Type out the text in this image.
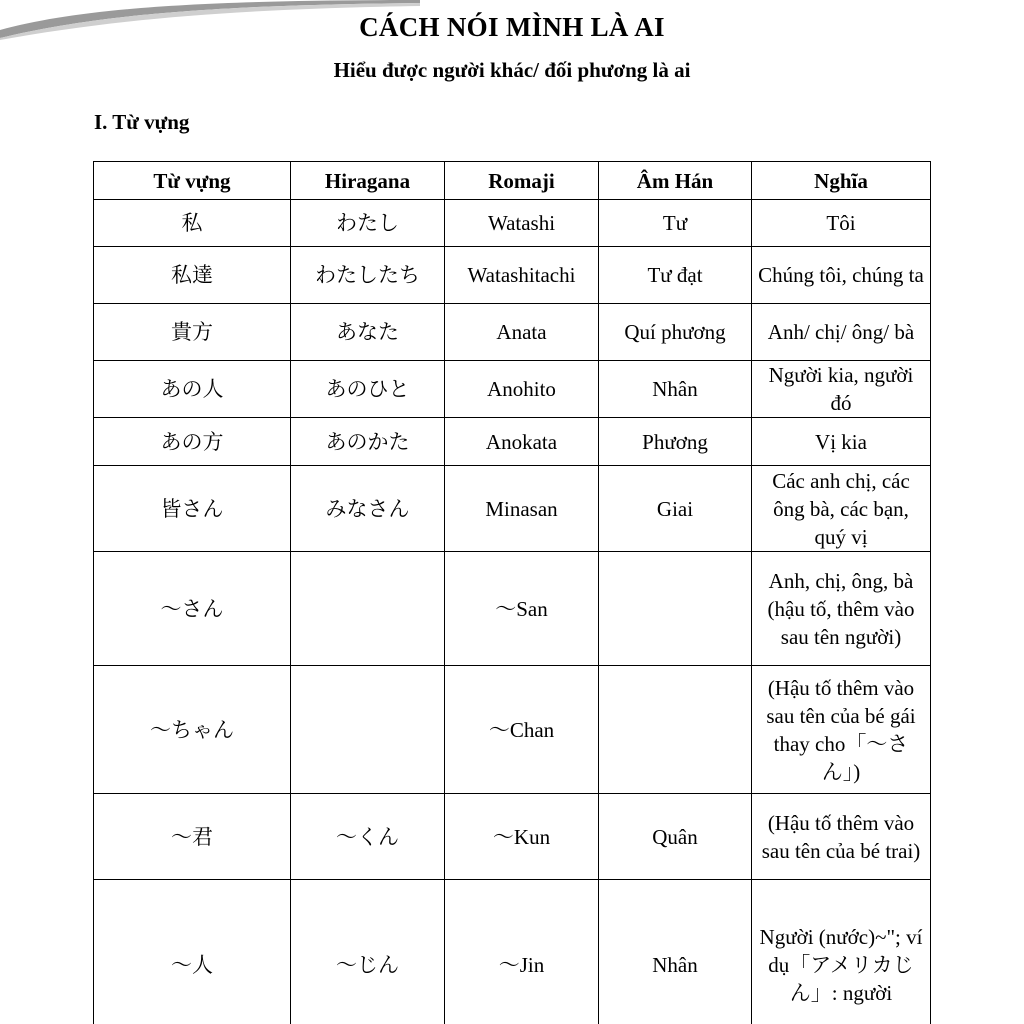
CÁCH NÓI MÌNH LÀ AI
Hiểu được người khác/ đối phương là ai
I. Từ vựng
Từ vựng	Hiragana	Romaji	Âm Hán	Nghĩa
私	わたし	Watashi	Tư	Tôi
私達	わたしたち	Watashitachi	Tư đạt	Chúng tôi, chúng ta
貴方	あなた	Anata	Quí phương	Anh/ chị/ ông/ bà
あの人	あのひと	Anohito	Nhân	Người kia, người đó
あの方	あのかた	Anokata	Phương	Vị kia
皆さん	みなさん	Minasan	Giai	Các anh chị, các ông bà, các bạn, quý vị
～さん		～San		Anh, chị, ông, bà (hậu tố, thêm vào sau tên người)
～ちゃん		～Chan		(Hậu tố thêm vào sau tên của bé gái thay cho「～さん」)
～君	～くん	～Kun	Quân	(Hậu tố thêm vào sau tên của bé trai)
～人	～じん	～Jin	Nhân	Người (nước)~"; ví dụ「アメリカじん」: người
